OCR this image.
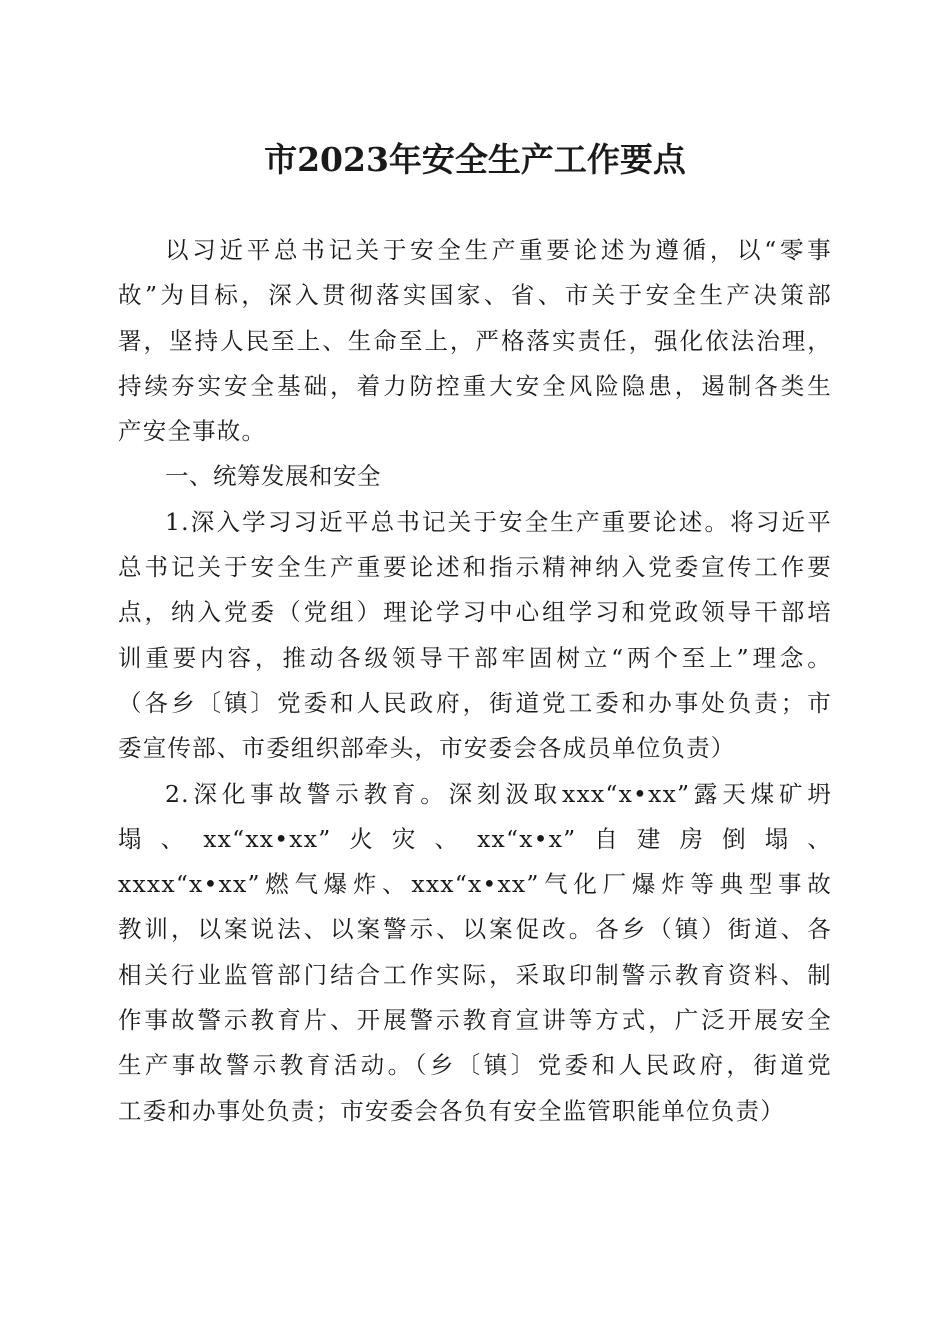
市2023年安全生产工作要点

以习近平总书记关于安全生产重要论述为遵循，以“零事

故”为目标，深入贯彻落实国家、省、市关于安全生产决策部

署，坚持人民至上、生命至上，严格落实责任，强化依法治理，

持续夯实安全基础，着力防控重大安全风险隐患，遏制各类生

产安全事故。

一、统筹发展和安全

1.深入学习习近平总书记关于安全生产重要论述。将习近平

总书记关于安全生产重要论述和指示精神纳入党委宣传工作要

点，纳入党委（党组）理论学习中心组学习和党政领导干部培

训重要内容，推动各级领导干部牢固树立“两个至上”理念。

（各乡〔镇〕党委和人民政府，街道党工委和办事处负责；市

委宣传部、市委组织部牵头，市安委会各成员单位负责）

2.深化事故警示教育。深刻汲取xxx“x•xx”露天煤矿坍

塌、xx“xx•xx”火灾、xx“x•x”自建房倒塌、

xxxx“x•xx”燃气爆炸、xxx“x•xx”气化厂爆炸等典型事故

教训，以案说法、以案警示、以案促改。各乡（镇）街道、各

相关行业监管部门结合工作实际，采取印制警示教育资料、制

作事故警示教育片、开展警示教育宣讲等方式，广泛开展安全

生产事故警示教育活动。（乡〔镇〕党委和人民政府，街道党

工委和办事处负责；市安委会各负有安全监管职能单位负责）
